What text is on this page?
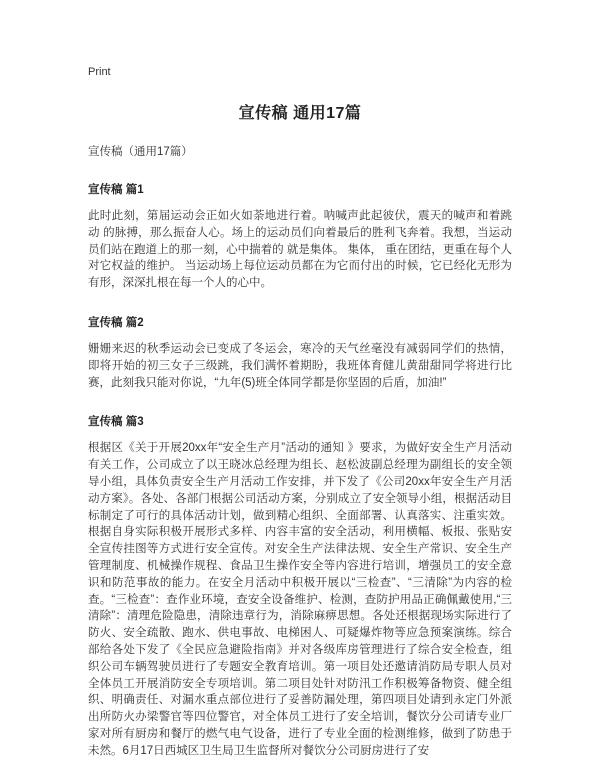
Print
宣传稿 通用17篇

宣传稿（通用17篇）

宣传稿 篇1

此时此刻，第届运动会正如火如荼地进行着。呐喊声此起彼伏，震天的喊声和着跳动 的脉搏，那么振奋人心。场上的运动员们向着最后的胜利飞奔着。我想，当运动员们站在跑道上的那一刻，心中揣着的 就是集体。 集体， 重在团结，更重在每个人对它权益的维护。 当运动场上每位运动员都在为它而付出的时候，它已经化无形为有形，深深扎根在每一个人的心中。

宣传稿 篇2

姗姗来迟的秋季运动会已变成了冬运会，寒冷的天气丝毫没有减弱同学们的热情，即将开始的初三女子三级跳，我们满怀着期盼，我班体育健儿黄甜甜同学将进行比赛，此刻我只能对你说，“九年(5)班全体同学都是你坚固的后盾，加油!”

宣传稿 篇3

根据区《关于开展20xx年“安全生产月”活动的通知 》要求，为做好安全生产月活动有关工作，公司成立了以王晓冰总经理为组长、赵松波副总经理为副组长的安全领导小组，具体负责安全生产月活动工作安排，并下发了《公司20xx年安全生产月活动方案》。各处、各部门根据公司活动方案，分别成立了安全领导小组，根据活动目标制定了可行的具体活动计划，做到精心组织、全面部署、认真落实、注重实效。根据自身实际积极开展形式多样、内容丰富的安全活动，利用横幅、板报、张贴安全宣传挂图等方式进行安全宣传。对安全生产法律法规、安全生产常识、安全生产管理制度、机械操作规程、食品卫生操作安全等内容进行培训，增强员工的安全意识和防范事故的能力。在安全月活动中积极开展以“三检查”、“三清除”为内容的检查。“三检查”：查作业环境，查安全设备维护、检测，查防护用品正确佩戴使用,“三清除”：清理危险隐患，清除违章行为，消除麻痹思想。各处还根据现场实际进行了防火、安全疏散、跑水、供电事故、电梯困人、可疑爆炸物等应急预案演练。综合部给各处下发了《全民应急避险指南》并对各级库房管理进行了综合安全检查，组织公司车辆驾驶员进行了专题安全教育培训。第一项目处还邀请消防局专职人员对全体员工开展消防安全专项培训。第二项目处针对防汛工作积极筹备物资、健全组织、明确责任、对漏水重点部位进行了妥善防漏处理，第四项目处请到永定门外派出所防火办梁警官等四位警官，对全体员工进行了安全培训，餐饮分公司请专业厂家对所有厨房和餐厅的燃气电气设备，进行了专业全面的检测维修，做到了防患于未然。6月17日西城区卫生局卫生监督所对餐饮分公司厨房进行了安
